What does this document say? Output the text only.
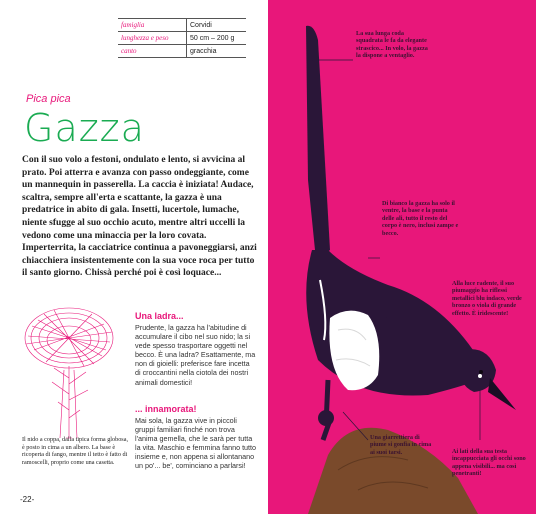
famiglia	Corvidi
lunghezza e peso	50 cm – 200 g
canto	gracchia
Pica pica
Gazza

Con il suo volo a festoni, ondulato e lento, si avvicina al prato. Poi atterra e avanza con passo ondeggiante, come un mannequin in passerella. La caccia è iniziata! Audace, scaltra, sempre all'erta e scattante, la gazza è una predatrice in abito di gala. Insetti, lucertole, lumache, niente sfugge al suo occhio acuto, mentre altri uccelli la vedono come una minaccia per la loro covata. Imperterrita, la cacciatrice continua a pavoneggiarsi, anzi chiacchiera insistentemente con la sua voce roca per tutto il santo giorno. Chissà perché poi è così loquace...

Il nido a coppa, dalla tipica forma globosa, è posto in cima a un albero. La base è ricoperta di fango, mentre il tetto è fatto di ramoscelli, proprio come una casetta.
Una ladra...
Prudente, la gazza ha l'abitudine di accumulare il cibo nel suo nido; la si vede spesso trasportare oggetti nel becco. È una ladra? Esattamente, ma non di gioielli: preferisce fare incetta di croccantini nella ciotola dei nostri animali domestici!
... innamorata!
Mai sola, la gazza vive in piccoli gruppi familiari finché non trova l'anima gemella, che le sarà per tutta la vita. Maschio e femmina fanno tutto insieme e, non appena si allontanano un po'... be', cominciano a parlarsi!
-22-
La sua lunga coda squadrata le fa da elegante strascico... In volo, la gazza la dispone a ventaglio.
Di bianco la gazza ha solo il ventre, la base e la punta delle ali, tutto il resto del corpo è nero, inclusi zampe e becco.
Alla luce radente, il suo piumaggio ha riflessi metallici blu indaco, verde bronzo o viola di grande effetto. È iridescente!
Una giarrettiera di piume si gonfia in cima ai suoi tarsi.	Ai lati della sua testa incappucciata gli occhi sono appena visibili... ma così penetranti!
